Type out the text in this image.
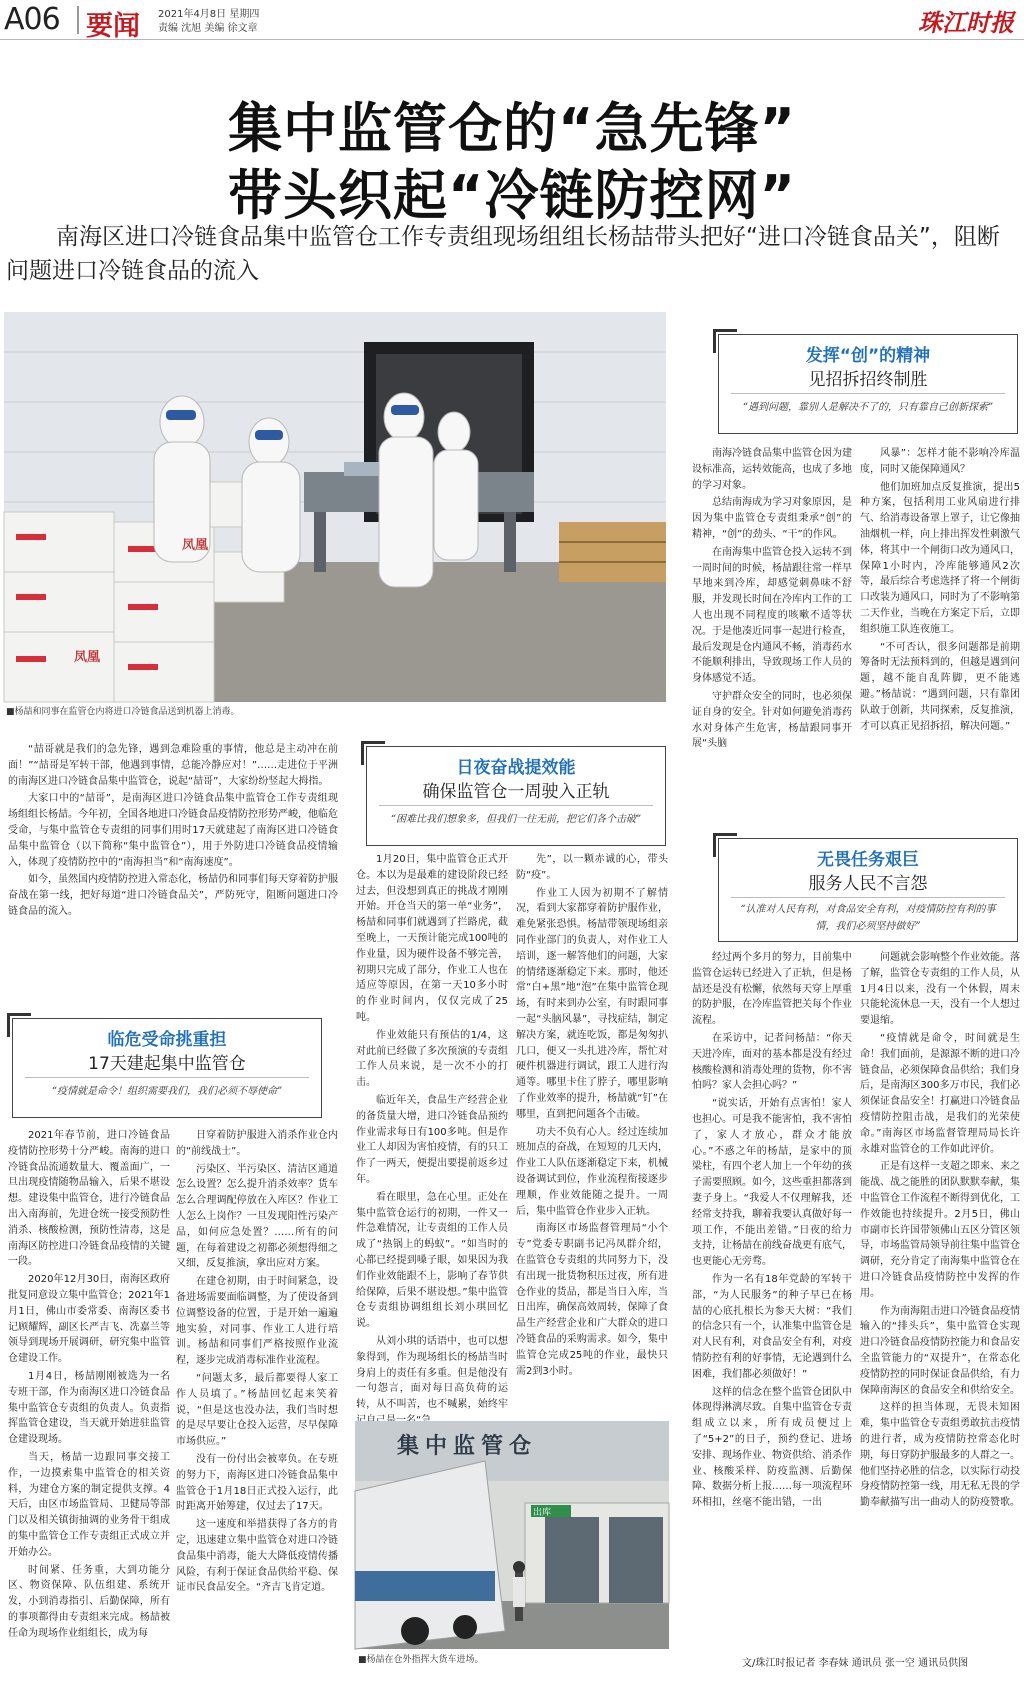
A06 要闻 2021年4月8日 星期四
责编 沈旭 美编 徐文章	珠江时报
集中监管仓的“急先锋”
带头织起“冷链防控网”
南海区进口冷链食品集中监管仓工作专责组现场组组长杨喆带头把好“进口冷链食品关”，阻断问题进口冷链食品的流入
凤凰
凤凰
■杨喆和同事在监管仓内将进口冷链食品送到机器上消毒。
发挥“创”的精神
见招拆招终制胜
“遇到问题，靠别人是解决不了的，只有靠自己创新探索”
日夜奋战提效能
确保监管仓一周驶入正轨
“困难比我们想象多，但我们一往无前，把它们各个击破”
临危受命挑重担
17天建起集中监管仓
“疫情就是命令！组织需要我们，我们必须不辱使命”
无畏任务艰巨
服务人民不言怨
“认准对人民有利，对食品安全有利，对疫情防控有利的事情，我们必须坚持做好”

“喆哥就是我们的急先锋，遇到急难险重的事情，他总是主动冲在前面！”“喆哥是军转干部，他遇到事情，总能冷静应对！”……走进位于平洲的南海区进口冷链食品集中监管仓，说起“喆哥”，大家纷纷竖起大拇指。

大家口中的“喆哥”，是南海区进口冷链食品集中监管仓工作专责组现场组组长杨喆。今年初，全国各地进口冷链食品疫情防控形势严峻，他临危受命，与集中监管仓专责组的同事们用时17天就建起了南海区进口冷链食品集中监管仓（以下简称“集中监管仓”），用于外防进口冷链食品疫情输入，体现了疫情防控中的“南海担当”和“南海速度”。

如今，虽然国内疫情防控进入常态化，杨喆仍和同事们每天穿着防护服奋战在第一线，把好每道“进口冷链食品关”，严防死守，阻断问题进口冷链食品的流入。

2021年春节前，进口冷链食品疫情防控形势十分严峻。南海的进口冷链食品流通数量大、覆盖面广，一旦出现疫情随物品输入，后果不堪设想。建设集中监管仓，进行冷链食品出入南海前，先进仓统一接受预防性消杀、核酸检测，预防性清毒，这是南海区防控进口冷链食品疫情的关键一段。

2020年12月30日，南海区政府批复同意设立集中监管仓；2021年1月1日，佛山市委常委、南海区委书记顾耀辉，副区长严吉飞、冼嘉兰等领导到现场开展调研，研究集中监管仓建设工作。

1月4日，杨喆刚刚被选为一名专班干部，作为南海区进口冷链食品集中监管仓专责组的负责人。负责指挥监管仓建设，当天就开始进驻监管仓建设现场。

当天，杨喆一边跟同事交接工作，一边摸索集中监管仓的相关资料，为建仓方案的制定提供支撑。4天后，由区市场监管局、卫健局等部门以及相关镇街抽调的业务骨干组成的集中监管仓工作专责组正式成立并开始办公。

时间紧、任务重，大到功能分区、物资保障、队伍组建、系统开发，小到消毒指引、后勤保障，所有的事项都得由专责组来完成。杨喆被任命为现场作业组组长，成为每

日穿着防护服进入消杀作业仓内的“前线战士”。

污染区、半污染区、清洁区通道怎么设置？怎么提升消杀效率？货车怎么合理调配停放在入库区？作业工人怎么上岗作？一旦发现阳性污染产品，如何应急处置？……所有的问题，在每着建设之初都必须想得细之又细，反复推演，拿出应对方案。

在建仓初期，由于时间紧急，设备进场需要面临调整，为了使设备到位调整设备的位置，于是开始一遍遍地实验，对同事、作业工人进行培训。杨喆和同事们严格按照作业流程，逐步完成消毒标准作业流程。

“问题太多，最后都要得人家工作人员填了。”杨喆回忆起来笑着说，“但是这也没办法，我们当时想的是尽早要让仓投入运营，尽早保障市场供应。”

没有一份付出会被辜负。在专班的努力下，南海区进口冷链食品集中监管仓于1月18日正式投入运行，此时距离开始筹建，仅过去了17天。

这一速度和举措获得了各方的肯定，迅速建立集中监管仓对进口冷链食品集中消毒，能大大降低疫情传播风险，有利于保证食品供给平稳、保证市民食品安全。“齐吉飞肯定道。

1月20日，集中监管仓正式开仓。本以为是最难的建设阶段已经过去，但没想到真正的挑战才刚刚开始。开仓当天的第一单“业务”，杨喆和同事们就遇到了拦路虎，截至晚上，一天预计能完成100吨的作业量，因为硬件设备不够完善，初期只完成了部分，作业工人也在适应等原因，在第一天10多小时的作业时间内，仅仅完成了25吨。

作业效能只有预估的1/4，这对此前已经做了多次预演的专责组工作人员来说，是一次不小的打击。

临近年关，食品生产经营企业的备货量大增，进口冷链食品预约作业需求每日有100多吨。但是作业工人却因为害怕疫情，有的只工作了一两天，便提出要提前返乡过年。

看在眼里，急在心里。正处在集中监管仓运行的初期，一件又一件急难情况，让专责组的工作人员成了“热锅上的蚂蚁”。“如当时的心都已经提到嗓子眼，如果因为我们作业效能跟不上，影响了春节供给保障，后果不堪设想。”集中监管仓专责组协调组组长刘小琪回忆说。

从刘小琪的话语中，也可以想象得到，作为现场组长的杨喆当时身肩上的责任有多重。但是他没有一句怨言，面对每日高负荷的运转，从不叫苦，也不喊累，始终牢

先”，以一颗赤诚的心，带头防“疫”。

作业工人因为初期不了解情况，看到大家都穿着防护服作业，难免紧张恐惧。杨喆带领现场组亲同作业部门的负责人，对作业工人培训，逐一解答他们的问题，大家的情绪逐渐稳定下来。那时，他还常“白+黑”地“泡”在集中监管仓现场，有时来到办公室，有时跟同事一起“头脑风暴”，寻找症结，制定解决方案，就连吃饭，都是匆匆扒几口，便又一头扎进冷库，帮忙对硬件机器进行调试，跟工人进行沟通等。哪里卡住了脖子，哪里影响了作业效率的提升，杨喆就“钉”在哪里，直到把问题各个击破。

功夫不负有心人。经过连续加班加点的奋战，在短短的几天内，作业工人队伍逐渐稳定下来，机械设备调试到位，作业流程衔接逐步理顺，作业效能随之提升。一周后，集中监管仓作业步入正轨。

南海区市场监督管理局“小个专”党委专职副书记冯凤群介绍，在监管仓专责组的共同努力下，没有出现一批货物积压过夜，所有进仓作业的货品，都是当日入库，当日出库，确保高效周转，保障了食品生产经营企业和广大群众的进口冷链食品的采购需求。如今，集中监管仓完成25吨的作业，最快只需2到3小时。

集中监管仓
出库
■杨喆在仓外指挥大货车进场。

南海冷链食品集中监管仓因为建设标准高，运转效能高，也成了多地的学习对象。

总结南海成为学习对象原因，是因为集中监管仓专责组秉承“创”的精神，“创”的劲头、“干”的作风。

在南海集中监管仓投入运转不到一周时间的时候，杨喆跟往常一样早早地来到冷库，却感觉刺鼻味不舒服，并发现长时间在冷库内工作的工人也出现不同程度的咳嗽不适等状况。于是他凑近同事一起进行检查，最后发现是仓内通风不畅，消毒药水不能顺利排出，导致现场工作人员的身体感觉不适。

守护群众安全的同时，也必须保证自身的安全。针对如何避免消毒药水对身体产生危害，杨喆跟同事开展“头脑

风暴”：怎样才能不影响冷库温度，同时又能保障通风？

他们加班加点反复推演，提出5种方案，包括利用工业风扇进行排气、给消毒设备罩上罩子，让它像抽油烟机一样，向上排出挥发性刺激气体，将其中一个闸街口改为通风口，保障1小时内，冷库能够通风2次等，最后综合考虑选择了将一个闸街口改装为通风口，同时为了不影响第二天作业，当晚在方案定下后，立即组织施工队连夜施工。

“不可否认，很多问题都是前期筹备时无法预料到的，但越是遇到问题，越不能自乱阵脚，更不能逃避。”杨喆说：“遇到问题，只有靠团队敢于创新，共同探索，反复推演，才可以真正见招拆招，解决问题。”

经过两个多月的努力，目前集中监管仓运转已经进入了正轨，但是杨喆还是没有松懈，依然每天穿上厚重的防护服，在冷库监管把关每个作业流程。

在采访中，记者问杨喆：“你天天进冷库，面对的基本都是没有经过核酸检测和消毒处理的货物，你不害怕吗？家人会担心吗？”

“说实话，开始有点害怕！家人也担心。可是我不能害怕，我不害怕了，家人才放心，群众才能放心。”不惑之年的杨喆，是家中的顶梁柱，有四个老人加上一个年幼的孩子需要照顾。如今，这些重担都落到妻子身上。“我爱人不仅理解我，还经常支持我，聊着我要认真做好每一项工作，不能出差错。”日夜的给力支持，让杨喆在前线奋战更有底气，也更能心无旁骛。

作为一名有18年党龄的军转干部，“为人民服务”的种子早已在杨喆的心底扎根长为参天大树：“我们的信念只有一个，认准集中监管仓是对人民有利，对食品安全有利，对疫情防控有利的好事情，无论遇到什么困难，我们都必须做好！”

这样的信念在整个监管仓团队中体现得淋漓尽致。自集中监管仓专责组成立以来，所有成员便过上了“5+2”的日子，预约登记、进场安排、现场作业、物资供给、消杀作业、核酸采样、防疫监测、后勤保障、数据分析上报……每一项流程环环相扣，丝毫不能出错，一出

问题就会影响整个作业效能。落了解，监管仓专责组的工作人员，从1月4日以来，没有一个休假，周末只能轮流休息一天，没有一个人想过要退缩。

“疫情就是命令，时间就是生命！我们面前，是源源不断的进口冷链食品，必须保障食品供给；我们身后，是南海区300多万市民，我们必须保证食品安全！打赢进口冷链食品疫情防控阻击战，是我们的光荣使命。”南海区市场监督管理局局长许永雄对监管仓的工作如此评价。

正是有这样一支超之即来、来之能战、战之能胜的团队默默奉献，集中监管仓工作流程不断得到优化，工作效能也持续提升。2月5日，佛山市副市长许国带领佛山五区分管区领导，市场监管局领导前往集中监管仓调研，充分肯定了南海集中监管仓在进口冷链食品疫情防控中发挥的作用。

作为南海阻击进口冷链食品疫情输入的“排头兵”，集中监管仓实现进口冷链食品疫情防控能力和食品安全监管能力的“双提升”，在常态化疫情防控的同时保证食品供给，有力保障南海区的食品安全和供给安全。

这样的担当体现，无畏未知困难，集中监管仓专责组勇敢抗击疫情的进行者，成为疫情防控常态化时期，每日穿防护服最多的人群之一。他们坚持必胜的信念，以实际行动投身疫情防控第一线，用无私无畏的学勤奉献描写出一曲动人的防疫赞歌。

文/珠江时报记者 李春妹 通讯员 张一空 通讯员供图
